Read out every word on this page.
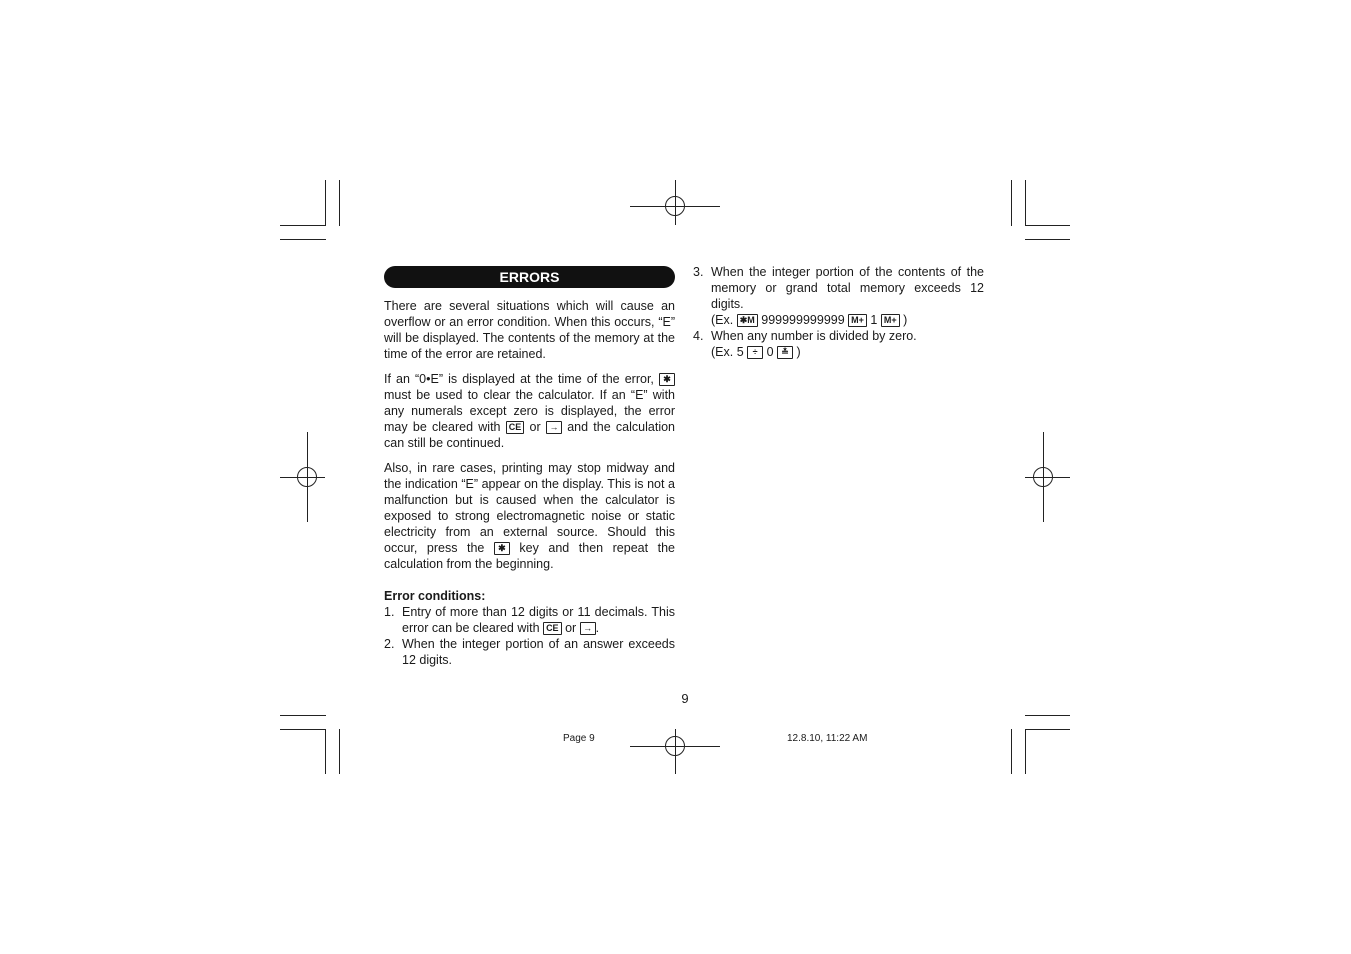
ERRORS
There are several situations which will cause an overflow or an error condition. When this occurs, “E” will be displayed. The contents of the memory at the time of the error are retained.
If an “0•E” is displayed at the time of the error, ✱ must be used to clear the calculator. If an “E” with any numerals except zero is displayed, the error may be cleared with CE or → and the calculation can still be continued.
Also, in rare cases, printing may stop midway and the indication “E” appear on the display. This is not a malfunction but is caused when the calculator is exposed to strong electromagnetic noise or static electricity from an external source. Should this occur, press the ✱ key and then repeat the calculation from the beginning.
Error conditions:
1. Entry of more than 12 digits or 11 decimals. This error can be cleared with CE or → .
2. When the integer portion of an answer exceeds 12 digits.
3. When the integer portion of the contents of the memory or grand total memory exceeds 12 digits.
(Ex. ✱M 999999999999 M+ 1 M+ )
4. When any number is divided by zero.
(Ex. 5 ÷ 0 ≛ )
9
Page 9	12.8.10, 11:22 AM
